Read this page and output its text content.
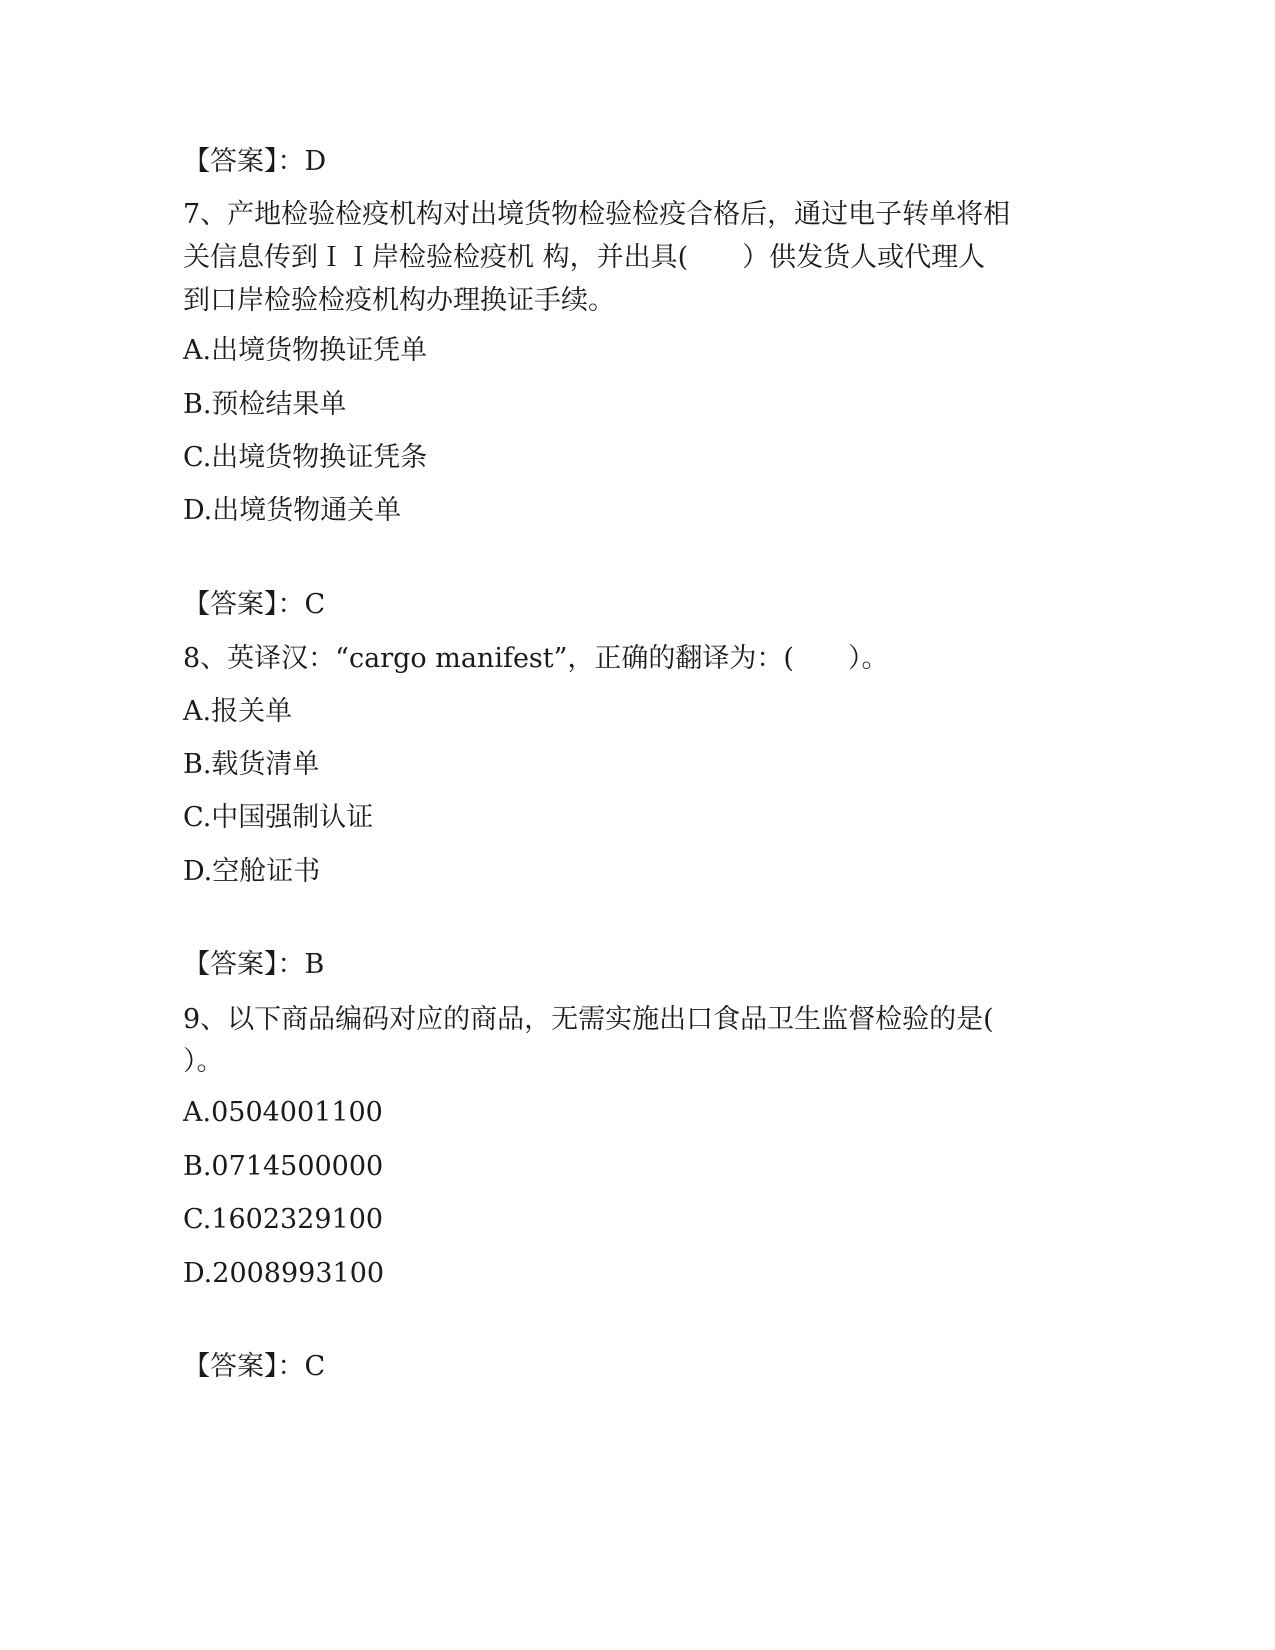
【答案】：D
7、产地检验检疫机构对出境货物检验检疫合格后，通过电子转单将相
关信息传到ＩＩ岸检验检疫机 构，并出具(　　）供发货人或代理人
到口岸检验检疫机构办理换证手续。
A.出境货物换证凭单
B.预检结果单
C.出境货物换证凭条
D.出境货物通关单
【答案】：C
8、英译汉：“cargo manifest”，正确的翻译为：(　　）。
A.报关单
B.载货清单
C.中国强制认证
D.空舱证书
【答案】：B
9、以下商品编码对应的商品，无需实施出口食品卫生监督检验的是(
）。
A.0504001100
B.0714500000
C.1602329100
D.2008993100
【答案】：C
